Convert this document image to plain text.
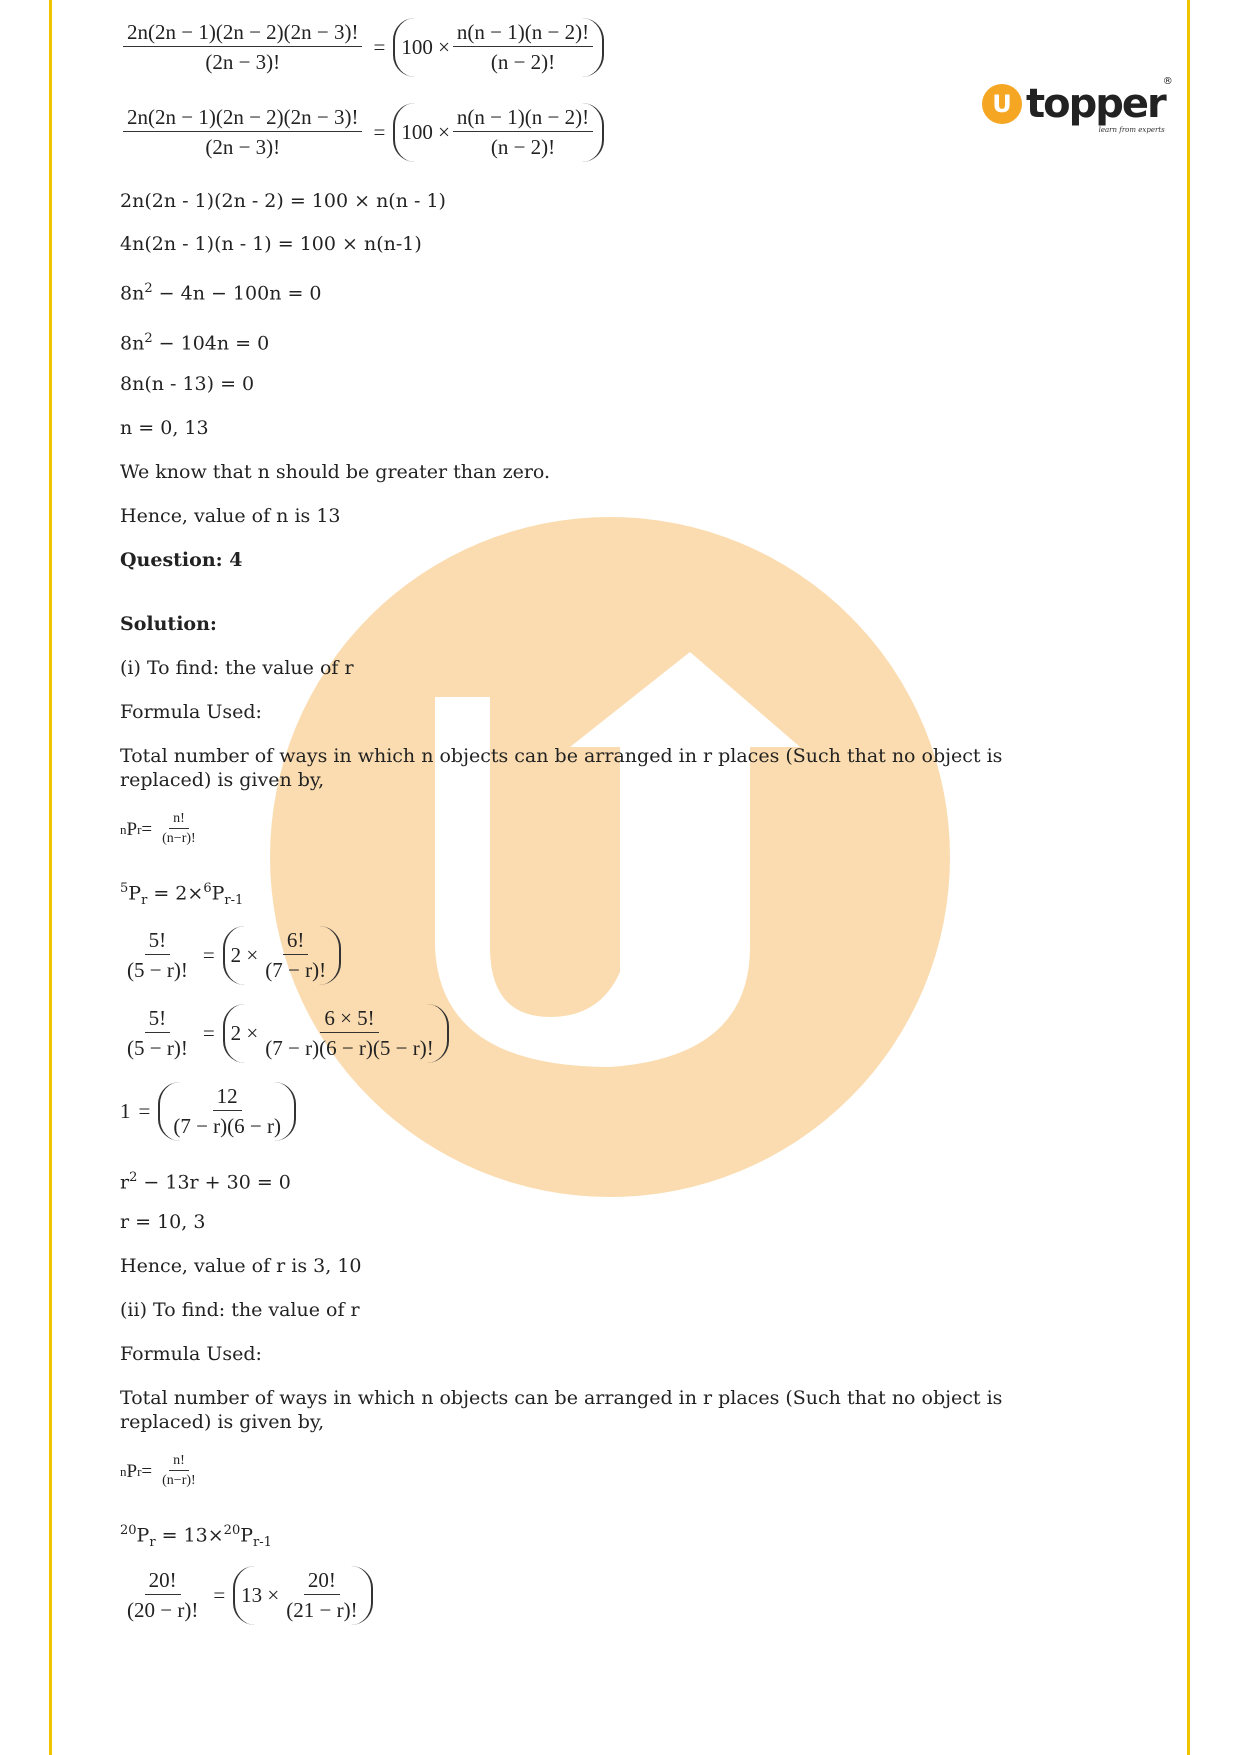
U topper
®
learn from experts
$\frac{2n(2n - 1)(2n - 2)(2n - 3)!}{(2n - 3)!} = 100 \times \frac{n(n - 1)(n - 2)!}{(n - 2)!}$
$\frac{2n(2n - 1)(2n - 2)(2n - 3)!}{(2n - 3)!} = 100 \times \frac{n(n - 1)(n - 2)!}{(n - 2)!}$
2n(2n - 1)(2n - 2) = 100 × n(n - 1)
4n(2n - 1)(n - 1) = 100 × n(n-1)
$8n^2 - 4n - 100n = 0$
$8n^2 - 104n = 0$
8n(n - 13) = 0
n = 0, 13
We know that n should be greater than zero.
Hence, value of n is 13
Question: 4
Solution:
(i) To find: the value of r
Formula Used:
Total number of ways in which n objects can be arranged in r places (Such that no object is replaced) is given by,
n P $r = \frac{n!}{(n-r)!}$
$^5P_r = 2\times^6P_{r-1}$
$\frac{5!}{(5 - r)!} = 2 \times \frac{6!}{(7 - r)!}$
$\frac{5!}{(5 - r)!} = 2 \times \frac{6 \times 5!}{(7 - r)(6 - r)(5 - r)!}$
$1 = \frac{12}{(7 - r)(6 - r)}$
$r^2 - 13r + 30 = 0$
r = 10, 3
Hence, value of r is 3, 10
(ii) To find: the value of r
Formula Used:
Total number of ways in which n objects can be arranged in r places (Such that no object is replaced) is given by,
n P $r = \frac{n!}{(n-r)!}$
$^{20}P_r = 13\times^{20}P_{r-1}$
$\frac{20!}{(20 - r)!} = 13 \times \frac{20!}{(21 - r)!}$
